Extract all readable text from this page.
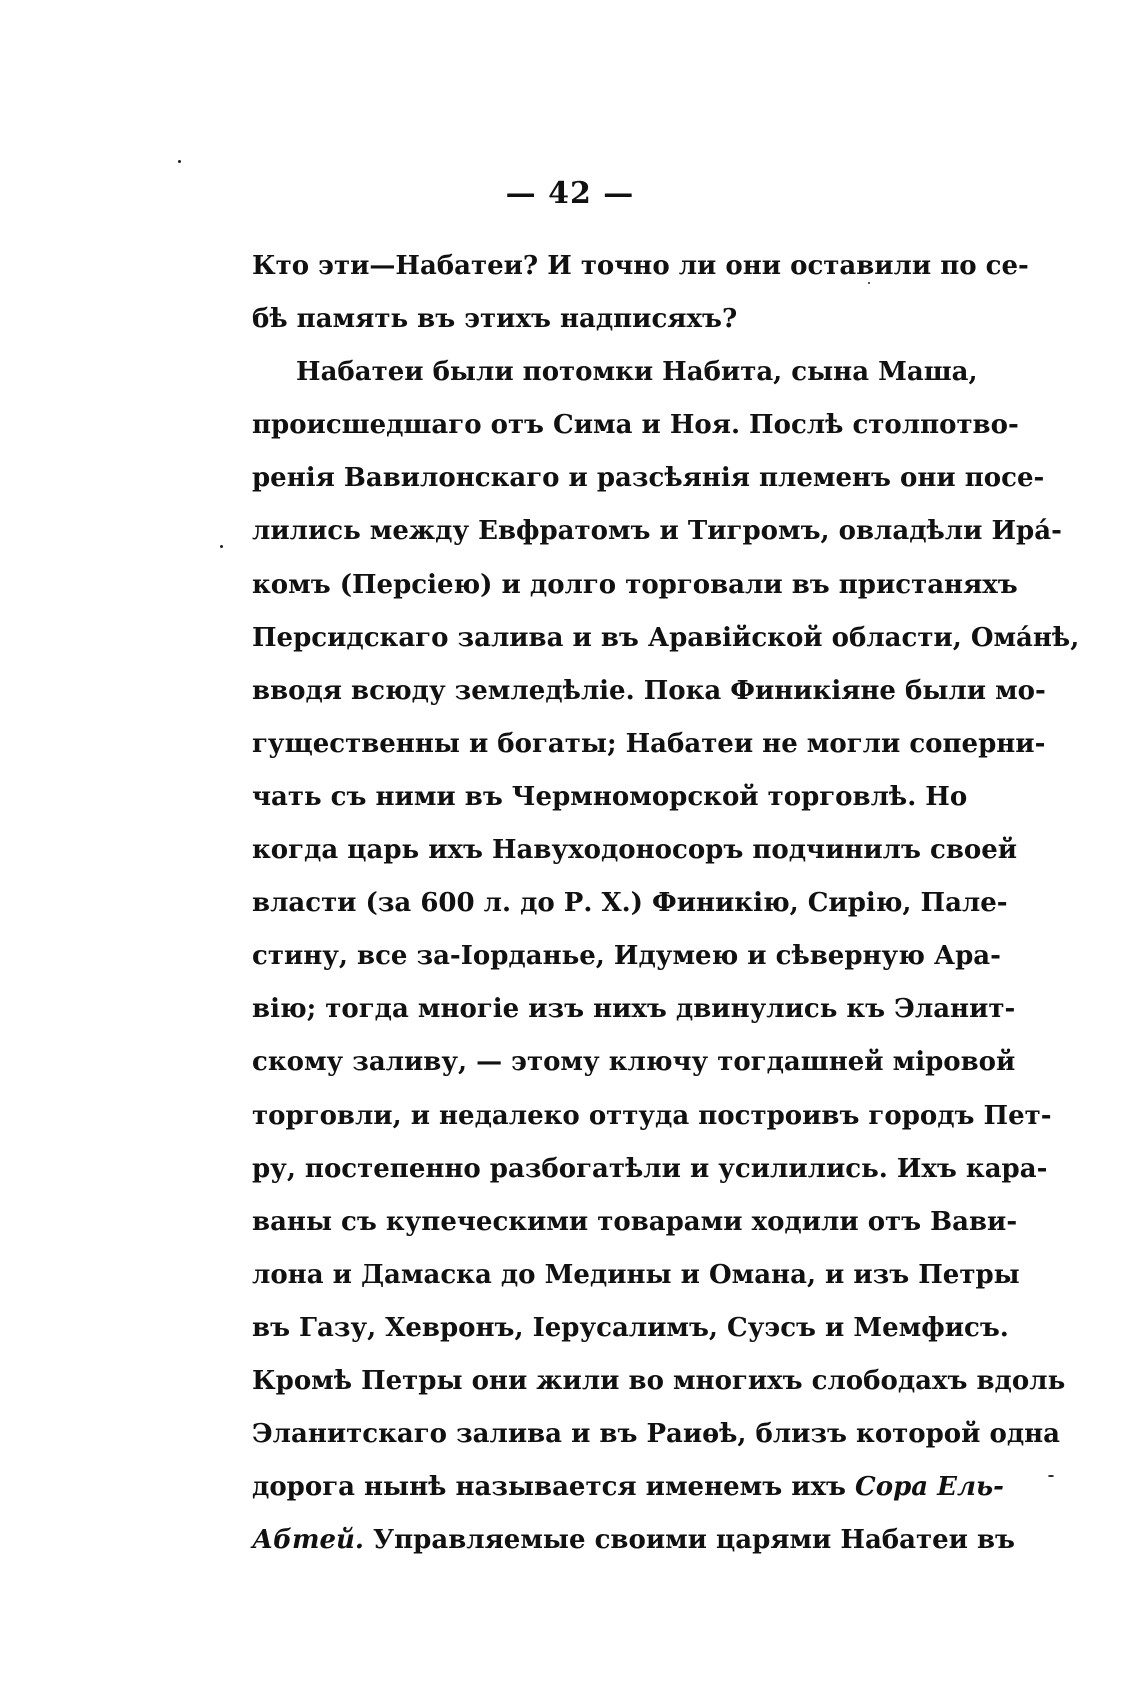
— 42 —
Кто эти—Набатеи? И точно ли они оставили по се-
бѣ память въ этихъ надписяхъ?
Набатеи были потомки Набита, сына Маша,
происшедшаго отъ Сима и Ноя. Послѣ столпотво-
ренія Вавилонскаго и разсѣянія племенъ они посе-
лились между Евфратомъ и Тигромъ, овладѣли Ира́-
комъ (Персіею) и долго торговали въ пристаняхъ
Персидскаго залива и въ Аравійской области, Ома́нѣ,
вводя всюду земледѣліе. Пока Финикіяне были мо-
гущественны и богаты; Набатеи не могли соперни-
чать съ ними въ Чермноморской торговлѣ. Но
когда царь ихъ Навуходоносоръ подчинилъ своей
власти (за 600 л. до Р. Х.) Финикію, Сирію, Пале-
стину, все за-Іорданье, Идумею и сѣверную Ара-
вію; тогда многіе изъ нихъ двинулись къ Эланит-
скому заливу, — этому ключу тогдашней міровой
торговли, и недалеко оттуда построивъ городъ Пет-
ру, постепенно разбогатѣли и усилились. Ихъ кара-
ваны съ купеческими товарами ходили отъ Вави-
лона и Дамаска до Медины и Омана, и изъ Петры
въ Газу, Хевронъ, Іерусалимъ, Суэсъ и Мемфисъ.
Кромѣ Петры они жили во многихъ слободахъ вдоль
Эланитскаго залива и въ Раиѳѣ, близъ которой одна
дорога нынѣ называется именемъ ихъ Сора Ель-
Абтей. Управляемые своими царями Набатеи въ
